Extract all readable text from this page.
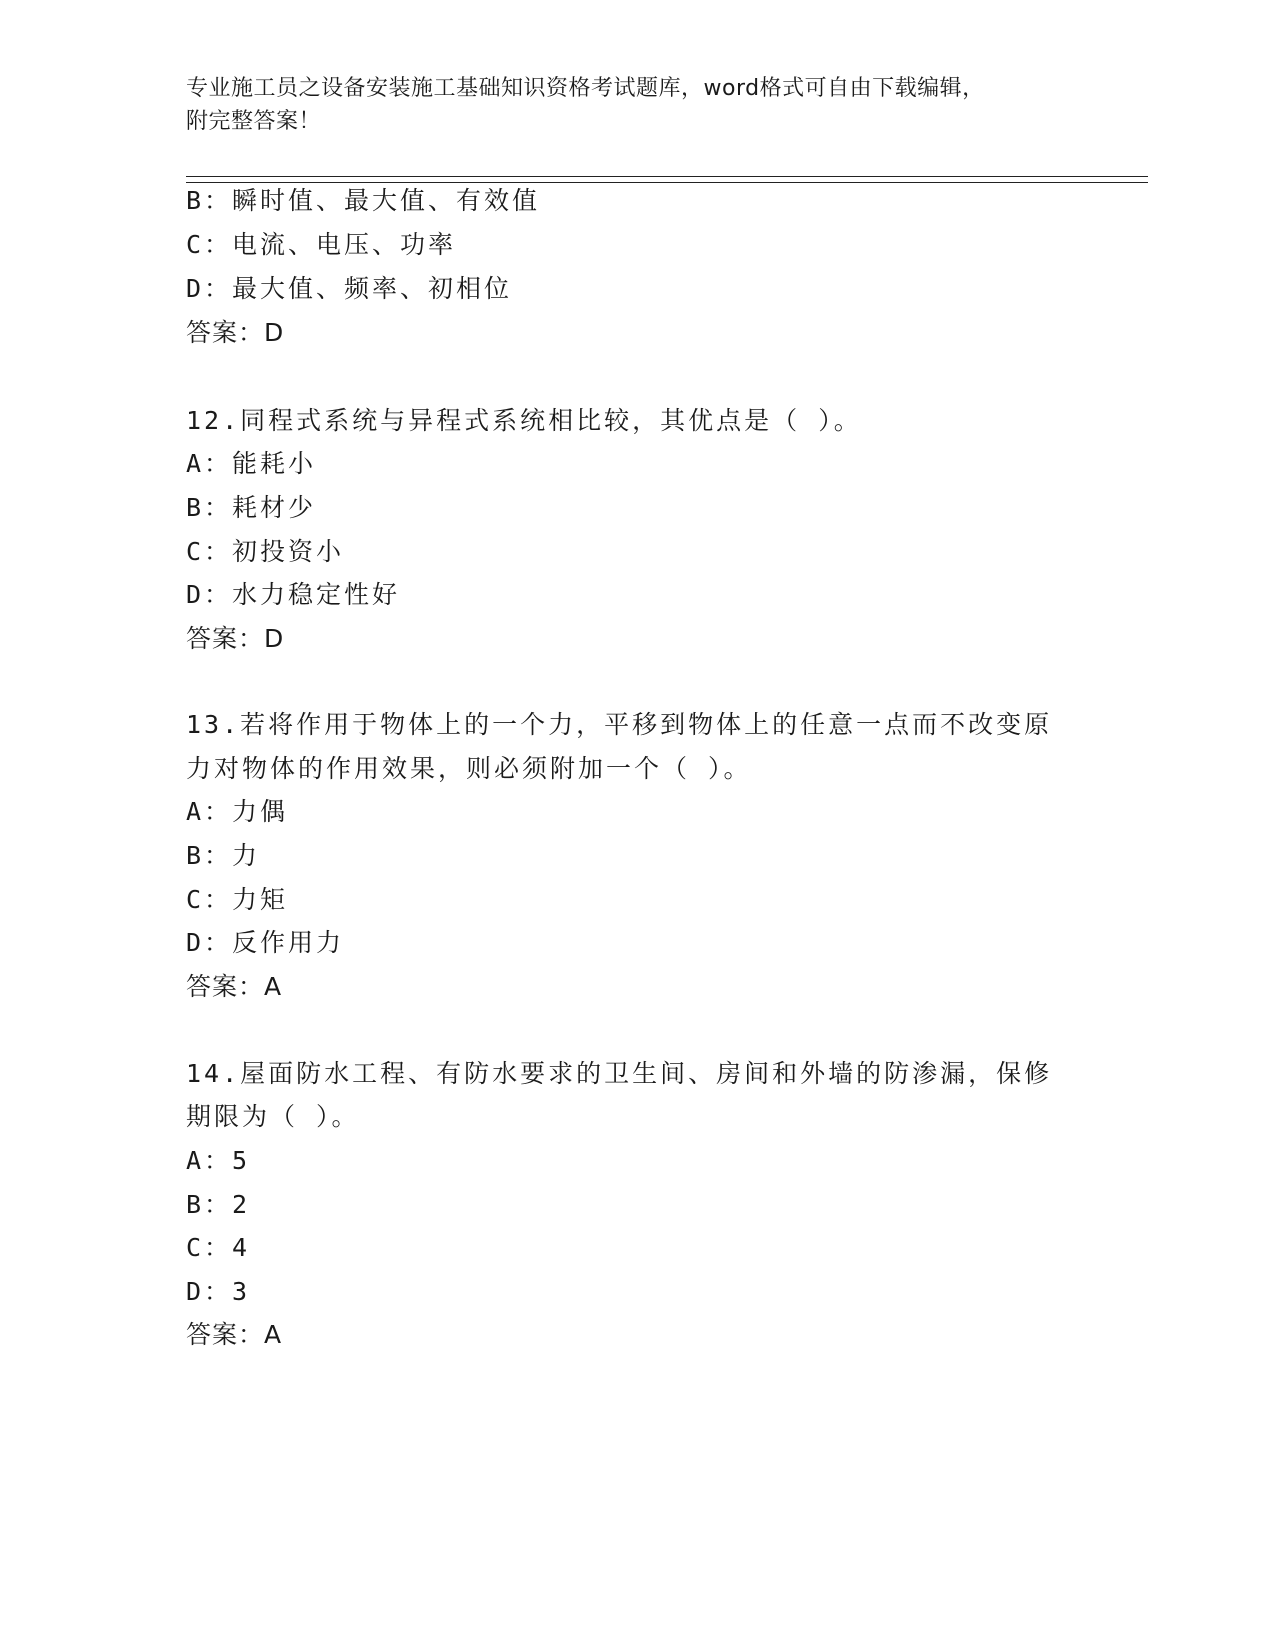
专业施工员之设备安装施工基础知识资格考试题库，word格式可自由下载编辑，
附完整答案！
B：瞬时值、最大值、有效值
C：电流、电压、功率
D：最大值、频率、初相位
答案：D
12.同程式系统与异程式系统相比较，其优点是（ ）。
A：能耗小
B：耗材少
C：初投资小
D：水力稳定性好
答案：D
13.若将作用于物体上的一个力，平移到物体上的任意一点而不改变原
力对物体的作用效果，则必须附加一个（ ）。
A：力偶
B：力
C：力矩
D：反作用力
答案：A
14.屋面防水工程、有防水要求的卫生间、房间和外墙的防渗漏，保修
期限为（ ）。
A：5
B：2
C：4
D：3
答案：A
